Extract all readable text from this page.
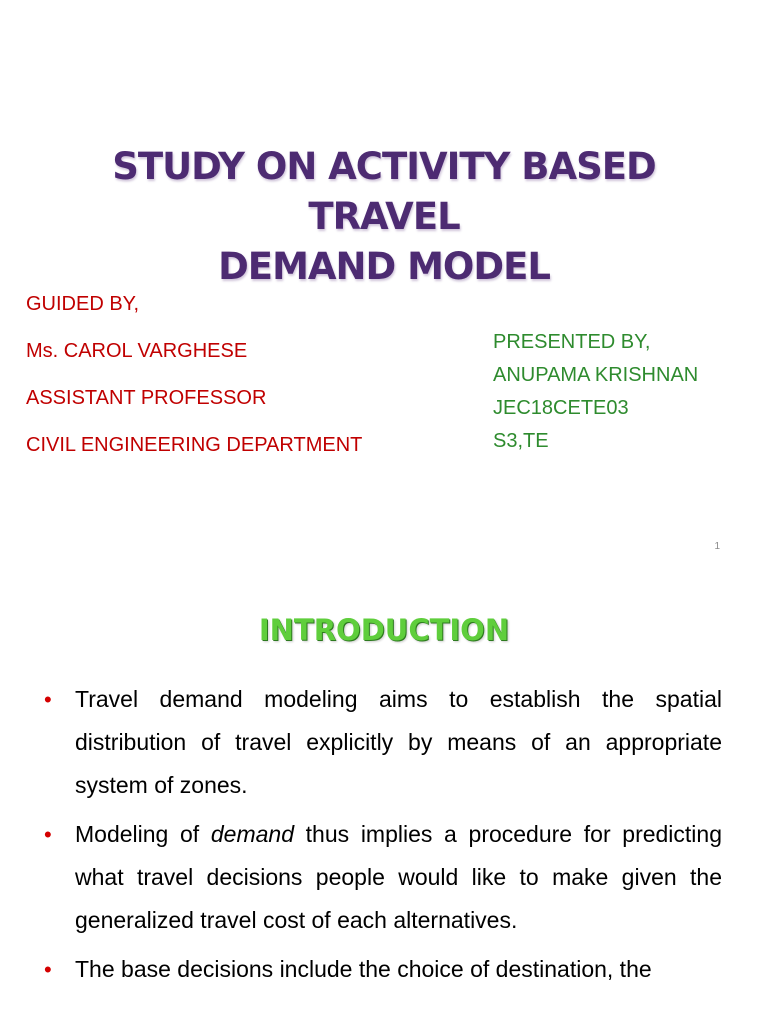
STUDY ON ACTIVITY BASED TRAVEL
DEMAND MODEL

GUIDED BY,

Ms. CAROL VARGHESE

ASSISTANT PROFESSOR

CIVIL ENGINEERING DEPARTMENT

PRESENTED BY,

ANUPAMA KRISHNAN

JEC18CETE03

S3,TE

1
INTRODUCTION
• Travel demand modeling aims to establish the spatial distribution of travel explicitly by means of an appropriate system of zones.
• Modeling of demand thus implies a procedure for predicting what travel decisions people would like to make given the generalized travel cost of each alternatives.
• The base decisions include the choice of destination, the
